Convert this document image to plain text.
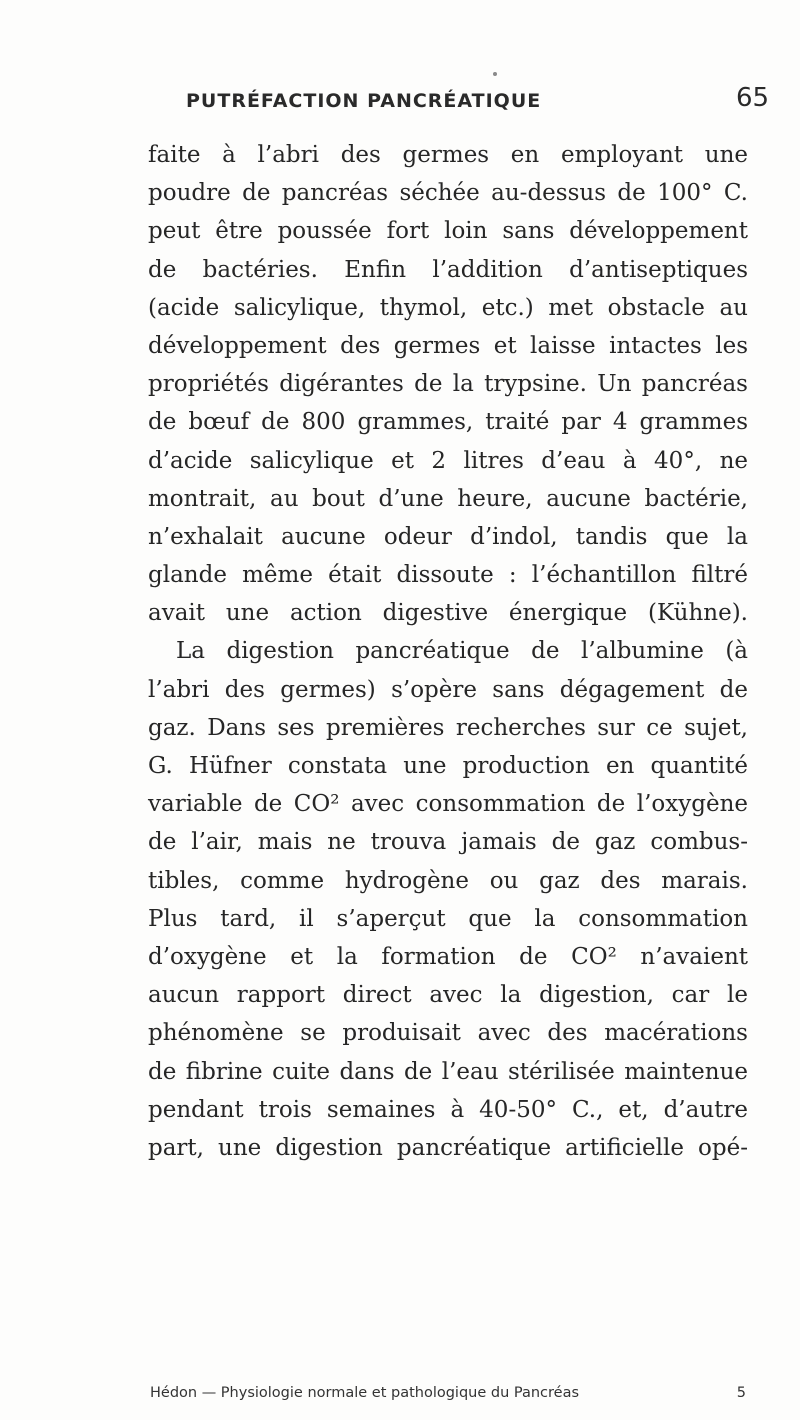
PUTRÉFACTION PANCRÉATIQUE	65
faite à l’abri des germes en employant une
poudre de pancréas séchée au-dessus de 100° C.
peut être poussée fort loin sans développement
de bactéries. Enfin l’addition d’antiseptiques
(acide salicylique, thymol, etc.) met obstacle au
développement des germes et laisse intactes les
propriétés digérantes de la trypsine. Un pancréas
de bœuf de 800 grammes, traité par 4 grammes
d’acide salicylique et 2 litres d’eau à 40°, ne
montrait, au bout d’une heure, aucune bactérie,
n’exhalait aucune odeur d’indol, tandis que la
glande même était dissoute : l’échantillon filtré
avait une action digestive énergique (Kühne).
La digestion pancréatique de l’albumine (à
l’abri des germes) s’opère sans dégagement de
gaz. Dans ses premières recherches sur ce sujet,
G. Hüfner constata une production en quantité
variable de CO² avec consommation de l’oxygène
de l’air, mais ne trouva jamais de gaz combus-
tibles, comme hydrogène ou gaz des marais.
Plus tard, il s’aperçut que la consommation
d’oxygène et la formation de CO² n’avaient
aucun rapport direct avec la digestion, car le
phénomène se produisait avec des macérations
de fibrine cuite dans de l’eau stérilisée maintenue
pendant trois semaines à 40-50° C., et, d’autre
part, une digestion pancréatique artificielle opé-
Hédon — Physiologie normale et pathologique du Pancréas	5
